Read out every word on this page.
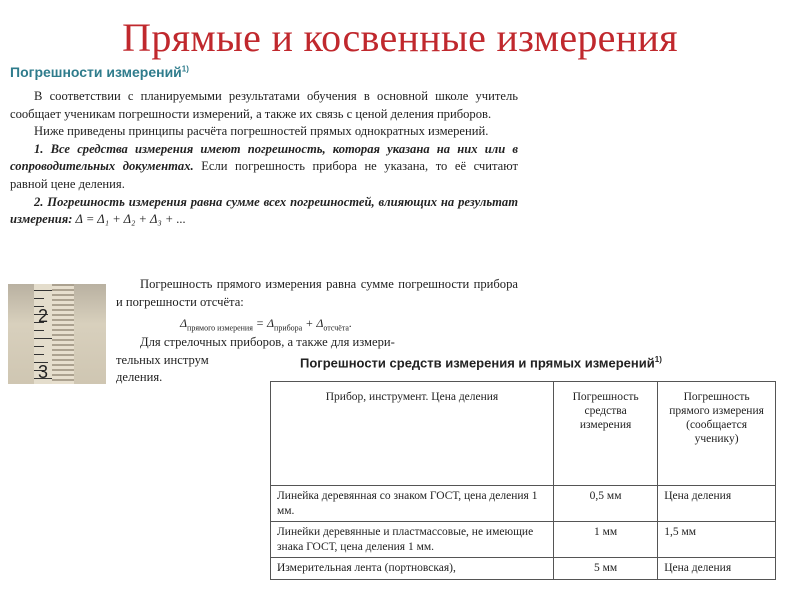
Прямые и косвенные измерения
Погрешности измерений$^{1)}$

В соответствии с планируемыми результатами обучения в основной школе учитель сообщает ученикам погрешности измерений, а также их связь с ценой деления приборов.

Ниже приведены принципы расчёта погрешностей прямых однократных измерений.

1. Все средства измерения имеют погрешность, которая указана на них или в сопроводительных документах. Если погрешность прибора не указана, то её считают равной цене деления.

2. Погрешность измерения равна сумме всех погрешностей, влияющих на результат измерения: Δ = Δ₁ + Δ₂ + Δ₃ + ...

2
3

Погрешность прямого измерения равна сумме погрешности прибора и погрешности отсчёта:

$\Delta_{прямого измерения} = \Delta_{прибора} + \Delta_{отсчёта}$.

Для стрелочных приборов, а также для измери-

тельных инструм

деления.

Погрешности средств измерения и прямых измерений$^{1)}$
Прибор, инструмент. Цена деления	Погрешность средства измерения	Погрешность прямого измерения (сообщается ученику)
Линейка деревянная со знаком ГОСТ, цена деления 1 мм.	0,5 мм	Цена деления
Линейки деревянные и пластмассовые, не имеющие знака ГОСТ, цена деления 1 мм.	1 мм	1,5 мм
Измерительная лента (портновская),	5 мм	Цена деления
